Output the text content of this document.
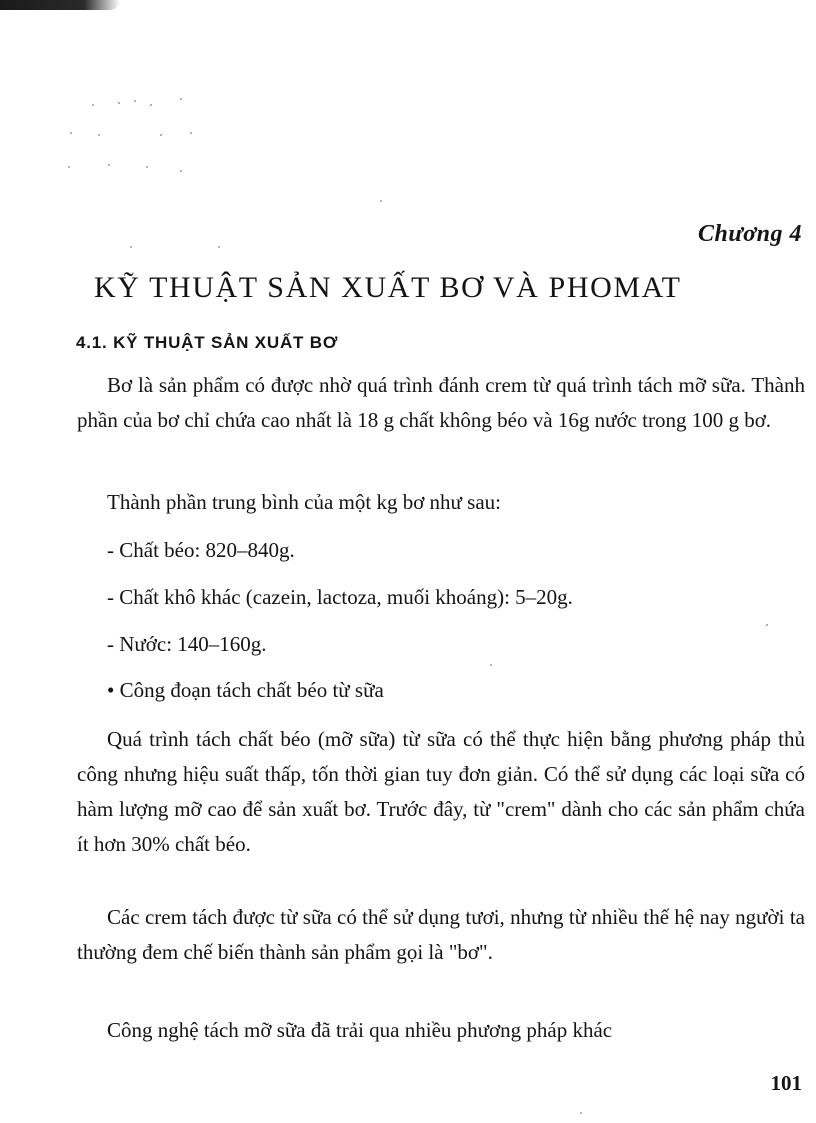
Chương 4
KỸ THUẬT SẢN XUẤT BƠ VÀ PHOMAT
4.1. KỸ THUẬT SẢN XUẤT BƠ

Bơ là sản phẩm có được nhờ quá trình đánh crem từ quá trình tách mỡ sữa. Thành phần của bơ chỉ chứa cao nhất là 18 g chất không béo và 16g nước trong 100 g bơ.

Thành phần trung bình của một kg bơ như sau:

- Chất béo: 820–840g.

- Chất khô khác (cazein, lactoza, muối khoáng): 5–20g.

- Nước: 140–160g.

• Công đoạn tách chất béo từ sữa

Quá trình tách chất béo (mỡ sữa) từ sữa có thể thực hiện bằng phương pháp thủ công nhưng hiệu suất thấp, tốn thời gian tuy đơn giản. Có thể sử dụng các loại sữa có hàm lượng mỡ cao để sản xuất bơ. Trước đây, từ "crem" dành cho các sản phẩm chứa ít hơn 30% chất béo.

Các crem tách được từ sữa có thể sử dụng tươi, nhưng từ nhiều thế hệ nay người ta thường đem chế biến thành sản phẩm gọi là "bơ".

Công nghệ tách mỡ sữa đã trải qua nhiều phương pháp khác

101
